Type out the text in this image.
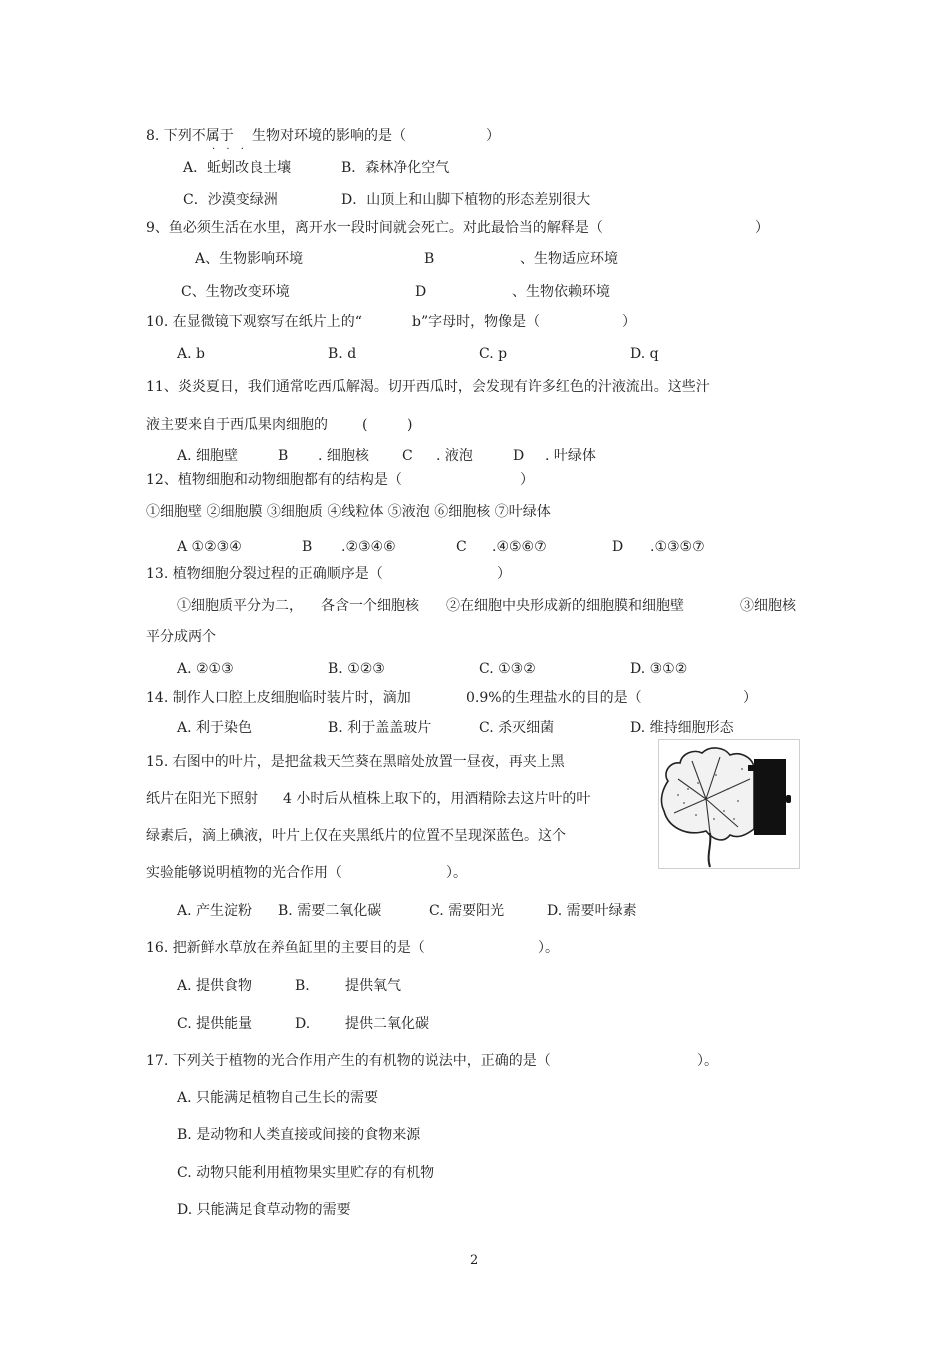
8. 下列不属于
· · ·
生物对环境的影响的是（	）
A．蚯蚓改良土壤	B．森林净化空气
C．沙漠变绿洲	D．山顶上和山脚下植物的形态差别很大
9、鱼必须生活在水里，离开水一段时间就会死亡。对此最恰当的解释是（	）
A、生物影响环境	B	、生物适应环境
C、生物改变环境	D	、生物依赖环境
10. 在显微镜下观察写在纸片上的“	b”字母时，物像是（	）
A. b	B. d	C. p	D. q
11、炎炎夏日，我们通常吃西瓜解渴。切开西瓜时，会发现有许多红色的汁液流出。这些汁
液主要来自于西瓜果肉细胞的 (	)
A. 细胞壁	B . 细胞核 C . 液泡	D . 叶绿体
12、植物细胞和动物细胞都有的结构是（	）
①细胞壁 ②细胞膜 ③细胞质 ④线粒体 ⑤液泡 ⑥细胞核 ⑦叶绿体
A ①②③④	B .②③④⑥	C .④⑤⑥⑦	D .①③⑤⑦
13. 植物细胞分裂过程的正确顺序是（	）
①细胞质平分为二， 各含一个细胞核 ②在细胞中央形成新的细胞膜和细胞壁	③细胞核
平分成两个
A. ②①③	B. ①②③	C. ①③②	D. ③①②
14. 制作人口腔上皮细胞临时装片时，滴加	0.9%的生理盐水的目的是（	）
A. 利于染色	B. 利于盖盖玻片	C. 杀灭细菌	D. 维持细胞形态
15. 右图中的叶片，是把盆栽天竺葵在黑暗处放置一昼夜，再夹上黑
纸片在阳光下照射 4 小时后从植株上取下的，用酒精除去这片叶的叶
绿素后，滴上碘液，叶片上仅在夹黑纸片的位置不呈现深蓝色。这个
实验能够说明植物的光合作用（	）。
A. 产生淀粉 B. 需要二氧化碳	C. 需要阳光	D. 需要叶绿素
16. 把新鲜水草放在养鱼缸里的主要目的是（	）。
A. 提供食物	B.	提供氧气
C. 提供能量	D. 提供二氧化碳
17. 下列关于植物的光合作用产生的有机物的说法中，正确的是（	）。
A. 只能满足植物自己生长的需要
B. 是动物和人类直接或间接的食物来源
C. 动物只能利用植物果实里贮存的有机物
D. 只能满足食草动物的需要
2
